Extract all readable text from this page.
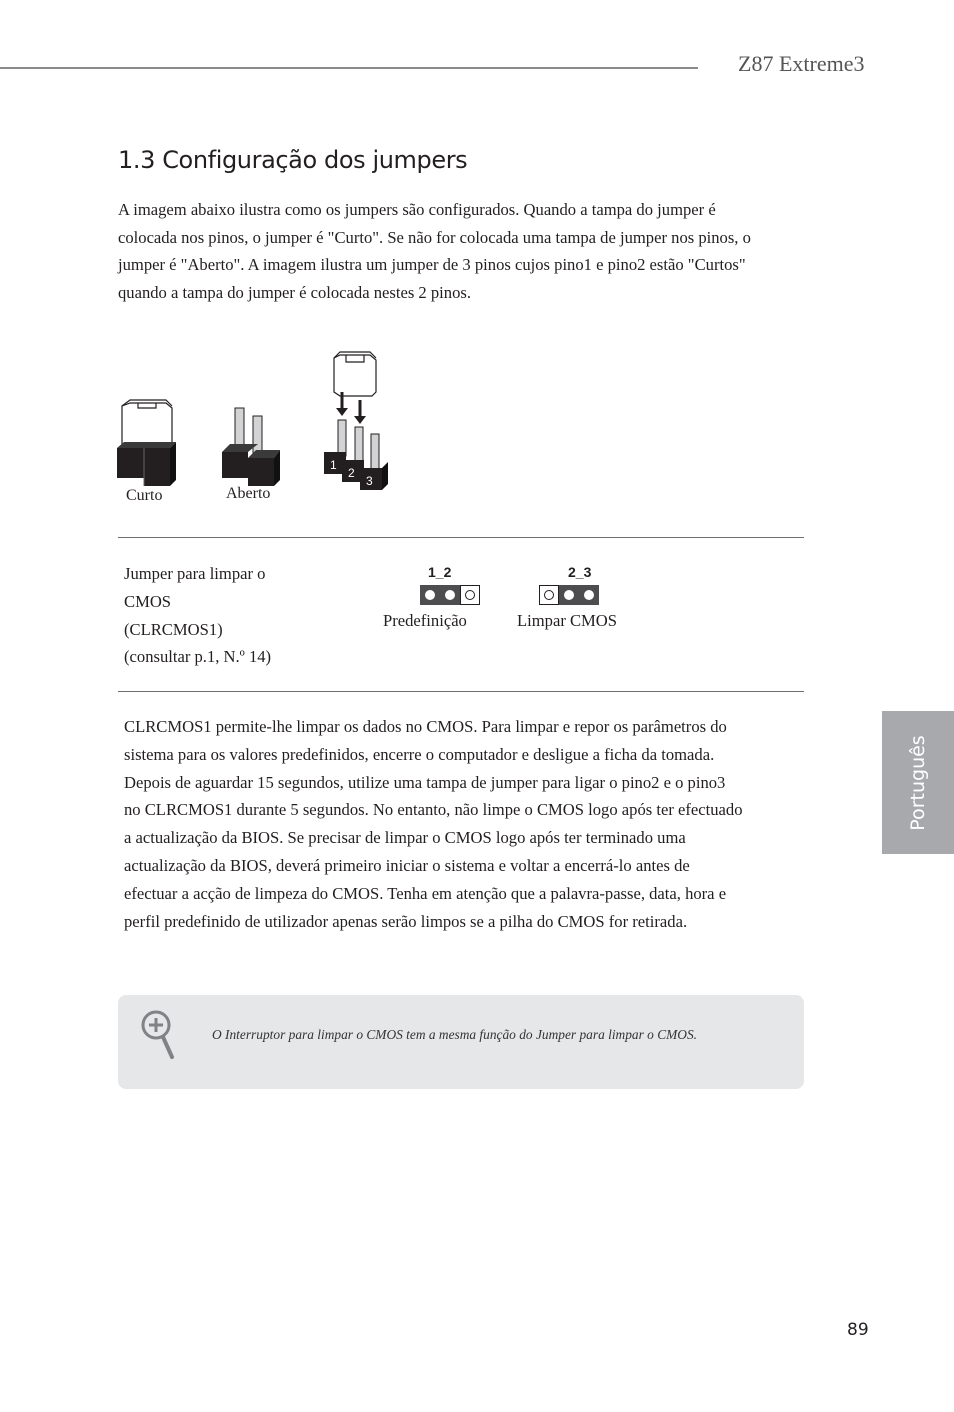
Z87 Extreme3
1.3 Configuração dos jumpers

A imagem abaixo ilustra como os jumpers são configurados. Quando a tampa do jumper é colocada nos pinos, o jumper é "Curto". Se não for colocada uma tampa de jumper nos pinos, o jumper é "Aberto". A imagem ilustra um jumper de 3 pinos cujos pino1 e pino2 estão "Curtos" quando a tampa do jumper é colocada nestes 2 pinos.

1
2
3
Curto	Aberto
Jumper para limpar o
CMOS
(CLRCMOS1)
(consultar p.1, N.º 14)
1_2
Predefinição
2_3
Limpar CMOS

CLRCMOS1 permite-lhe limpar os dados no CMOS. Para limpar e repor os parâmetros do sistema para os valores predefinidos, encerre o computador e desligue a ficha da tomada. Depois de aguardar 15 segundos, utilize uma tampa de jumper para ligar o pino2 e o pino3 no CLRCMOS1 durante 5 segundos. No entanto, não limpe o CMOS logo após ter efectuado a actualização da BIOS. Se precisar de limpar o CMOS logo após ter terminado uma actualização da BIOS, deverá primeiro iniciar o sistema e voltar a encerrá-lo antes de efectuar a acção de limpeza do CMOS. Tenha em atenção que a palavra-passe, data, hora e perfil predefinido de utilizador apenas serão limpos se a pilha do CMOS for retirada.

O Interruptor para limpar o CMOS tem a mesma função do Jumper para limpar o CMOS.
Português
89
